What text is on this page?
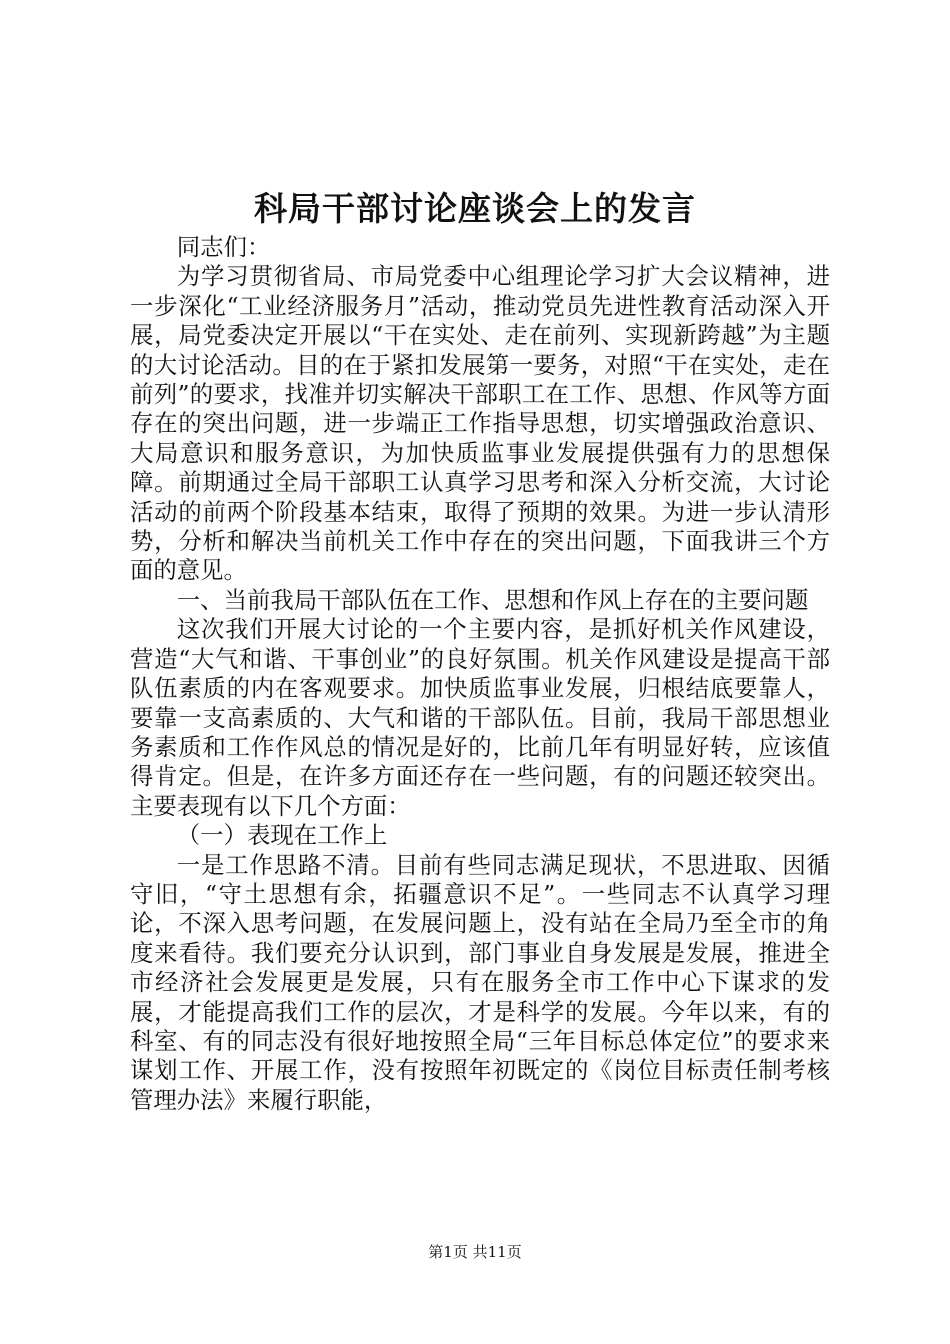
科局干部讨论座谈会上的发言

同志们：

为学习贯彻省局、市局党委中心组理论学习扩大会议精神，进一步深化“工业经济服务月”活动，推动党员先进性教育活动深入开展，局党委决定开展以“干在实处、走在前列、实现新跨越”为主题的大讨论活动。目的在于紧扣发展第一要务，对照“干在实处，走在前列”的要求，找准并切实解决干部职工在工作、思想、作风等方面存在的突出问题，进一步端正工作指导思想，切实增强政治意识、大局意识和服务意识，为加快质监事业发展提供强有力的思想保障。前期通过全局干部职工认真学习思考和深入分析交流，大讨论活动的前两个阶段基本结束，取得了预期的效果。为进一步认清形势，分析和解决当前机关工作中存在的突出问题，下面我讲三个方面的意见。

一、当前我局干部队伍在工作、思想和作风上存在的主要问题

这次我们开展大讨论的一个主要内容，是抓好机关作风建设，营造“大气和谐、干事创业”的良好氛围。机关作风建设是提高干部队伍素质的内在客观要求。加快质监事业发展，归根结底要靠人，要靠一支高素质的、大气和谐的干部队伍。目前，我局干部思想业务素质和工作作风总的情况是好的，比前几年有明显好转，应该值得肯定。但是，在许多方面还存在一些问题，有的问题还较突出。主要表现有以下几个方面：

（一）表现在工作上

一是工作思路不清。目前有些同志满足现状，不思进取、因循守旧，“守土思想有余，拓疆意识不足”。一些同志不认真学习理论，不深入思考问题，在发展问题上，没有站在全局乃至全市的角度来看待。我们要充分认识到，部门事业自身发展是发展，推进全市经济社会发展更是发展，只有在服务全市工作中心下谋求的发展，才能提高我们工作的层次，才是科学的发展。今年以来，有的科室、有的同志没有很好地按照全局“三年目标总体定位”的要求来谋划工作、开展工作，没有按照年初既定的《岗位目标责任制考核管理办法》来履行职能，

第1页 共11页
